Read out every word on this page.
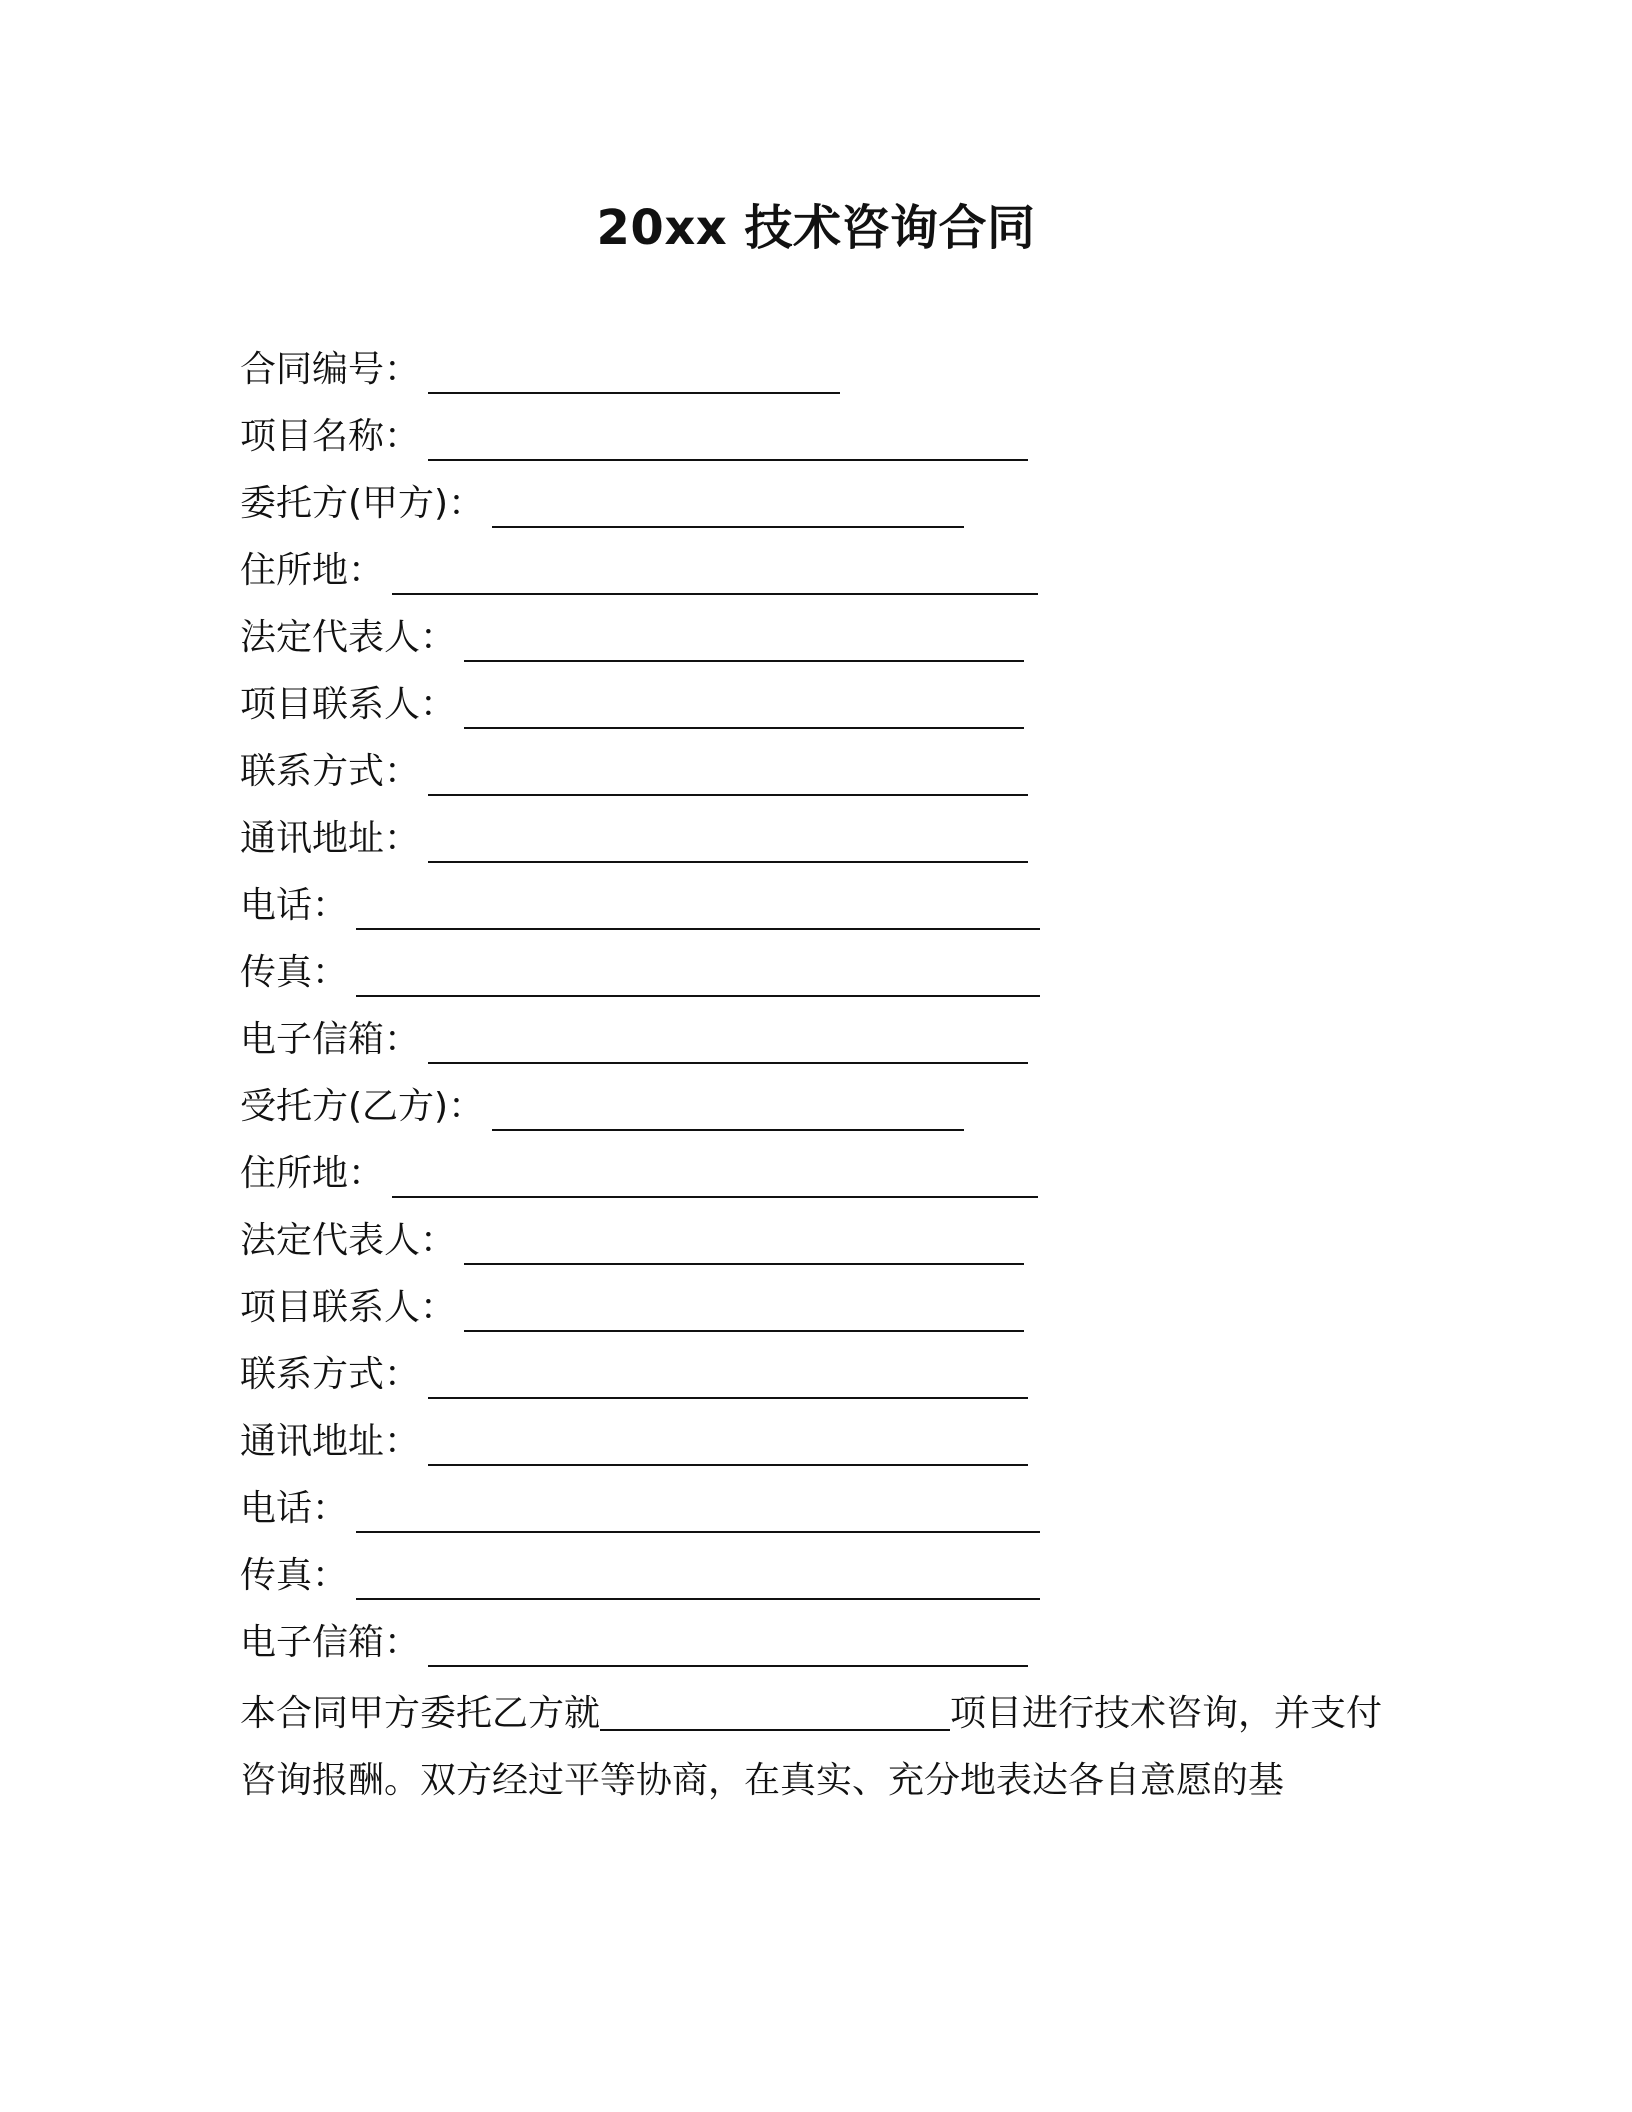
20xx 技术咨询合同
合同编号：
项目名称：
委托方(甲方)：
住所地：
法定代表人：
项目联系人：
联系方式：
通讯地址：
电话：
传真：
电子信箱：
受托方(乙方)：
住所地：
法定代表人：
项目联系人：
联系方式：
通讯地址：
电话：
传真：
电子信箱：
本合同甲方委托乙方就	项目进行技术咨询，并支付咨询报酬。双方经过平等协商，在真实、充分地表达各自意愿的基
